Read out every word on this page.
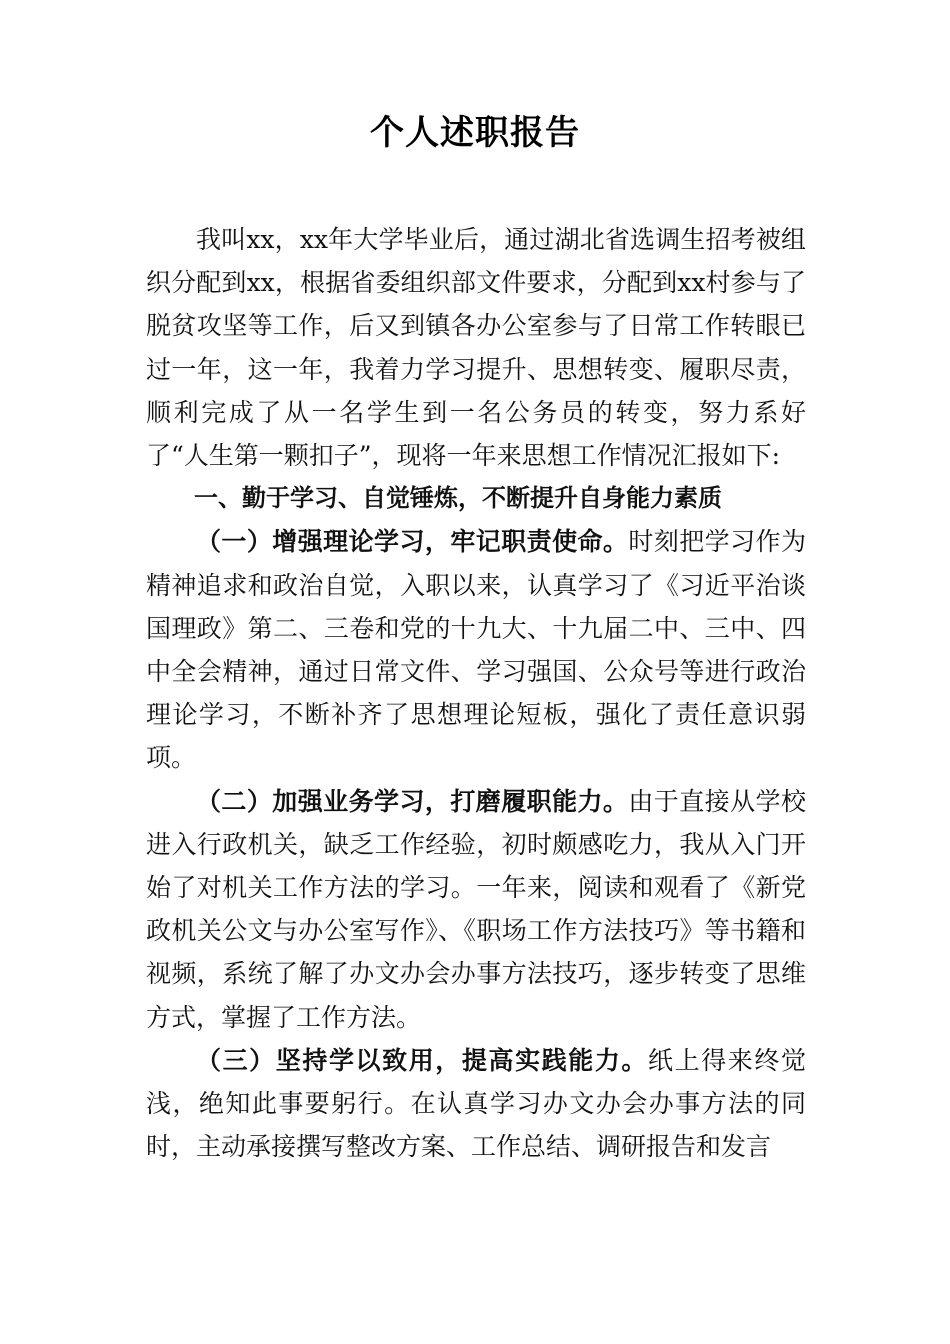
个人述职报告

我叫xx，xx年大学毕业后，通过湖北省选调生招考被组织分配到xx，根据省委组织部文件要求，分配到xx村参与了脱贫攻坚等工作，后又到镇各办公室参与了日常工作转眼已过一年，这一年，我着力学习提升、思想转变、履职尽责，顺利完成了从一名学生到一名公务员的转变，努力系好了“人生第一颗扣子”，现将一年来思想工作情况汇报如下:

一、勤于学习、自觉锤炼，不断提升自身能力素质

（一）增强理论学习，牢记职责使命。时刻把学习作为精神追求和政治自觉，入职以来，认真学习了《习近平治谈国理政》第二、三卷和党的十九大、十九届二中、三中、四中全会精神，通过日常文件、学习强国、公众号等进行政治理论学习，不断补齐了思想理论短板，强化了责任意识弱项。

（二）加强业务学习，打磨履职能力。由于直接从学校进入行政机关，缺乏工作经验，初时颇感吃力，我从入门开始了对机关工作方法的学习。一年来，阅读和观看了《新党政机关公文与办公室写作》、《职场工作方法技巧》等书籍和视频，系统了解了办文办会办事方法技巧，逐步转变了思维方式，掌握了工作方法。

（三）坚持学以致用，提高实践能力。纸上得来终觉浅，绝知此事要躬行。在认真学习办文办会办事方法的同时，主动承接撰写整改方案、工作总结、调研报告和发言
